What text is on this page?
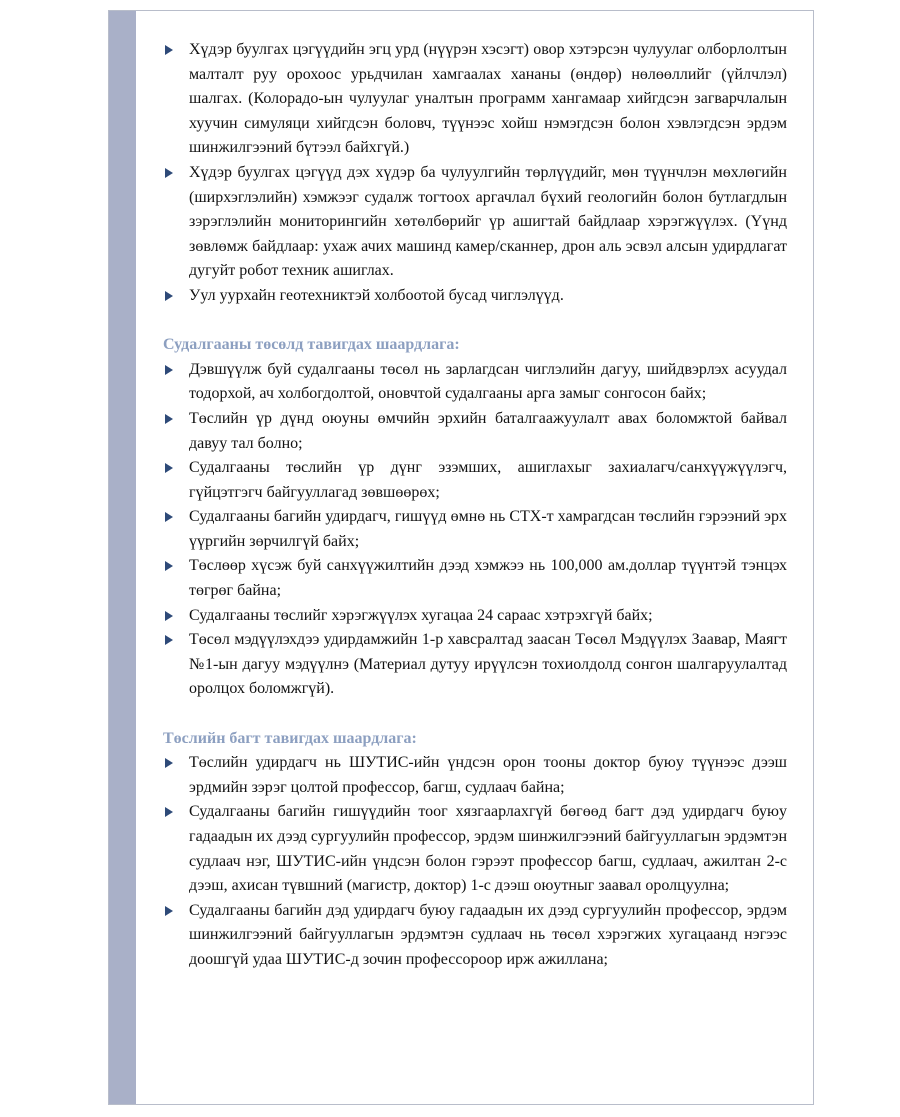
Хүдэр буулгах цэгүүдийн эгц урд (нүүрэн хэсэгт) овор хэтэрсэн чулуулаг олборлолтын малталт руу орохоос урьдчилан хамгаалах хананы (өндөр) нөлөөллийг (үйлчлэл) шалгах. (Колорадо-ын чулуулаг уналтын программ хангамаар хийгдсэн загварчлалын хуучин симуляци хийгдсэн боловч, түүнээс хойш нэмэгдсэн болон хэвлэгдсэн эрдэм шинжилгээний бүтээл байхгүй.)
Хүдэр буулгах цэгүүд дэх хүдэр ба чулуулгийн төрлүүдийг, мөн түүнчлэн мөхлөгийн (ширхэглэлийн) хэмжээг судалж тогтоох аргачлал бүхий геологийн болон бутлагдлын зэрэглэлийн мониторингийн хөтөлбөрийг үр ашигтай байдлаар хэрэгжүүлэх. (Үүнд зөвлөмж байдлаар: ухаж ачих машинд камер/сканнер, дрон аль эсвэл алсын удирдлагат дугуйт робот техник ашиглах.
Уул уурхайн геотехниктэй холбоотой бусад чиглэлүүд.

Судалгааны төсөлд тавигдах шаардлага:

Дэвшүүлж буй судалгааны төсөл нь зарлагдсан чиглэлийн дагуу, шийдвэрлэх асуудал тодорхой, ач холбогдолтой, оновчтой судалгааны арга замыг сонгосон байх;
Төслийн үр дүнд оюуны өмчийн эрхийн баталгаажуулалт авах боломжтой байвал давуу тал болно;
Судалгааны төслийн үр дүнг эзэмших, ашиглахыг захиалагч/санхүүжүүлэгч, гүйцэтгэгч байгууллагад зөвшөөрөх;
Судалгааны багийн удирдагч, гишүүд өмнө нь СТХ-т хамрагдсан төслийн гэрээний эрх үүргийн зөрчилгүй байх;
Төслөөр хүсэж буй санхүүжилтийн дээд хэмжээ нь 100,000 ам.доллар түүнтэй тэнцэх төгрөг байна;
Судалгааны төслийг хэрэгжүүлэх хугацаа 24 сараас хэтрэхгүй байх;
Төсөл мэдүүлэхдээ удирдамжийн 1-р хавсралтад заасан Төсөл Мэдүүлэх Заавар, Маягт №1-ын дагуу мэдүүлнэ (Материал дутуу ирүүлсэн тохиолдолд сонгон шалгаруулалтад оролцох боломжгүй).

Төслийн багт тавигдах шаардлага:

Төслийн удирдагч нь ШУТИС-ийн үндсэн орон тооны доктор буюу түүнээс дээш эрдмийн зэрэг цолтой профессор, багш, судлаач байна;
Судалгааны багийн гишүүдийн тоог хязгаарлахгүй бөгөөд багт дэд удирдагч буюу гадаадын их дээд сургуулийн профессор, эрдэм шинжилгээний байгууллагын эрдэмтэн судлаач нэг, ШУТИС-ийн үндсэн болон гэрээт профессор багш, судлаач, ажилтан 2-с дээш, ахисан түвшний (магистр, доктор) 1-с дээш оюутныг заавал оролцуулна;
Судалгааны багийн дэд удирдагч буюу гадаадын их дээд сургуулийн профессор, эрдэм шинжилгээний байгууллагын эрдэмтэн судлаач нь төсөл хэрэгжих хугацаанд нэгээс доошгүй удаа ШУТИС-д зочин профессороор ирж ажиллана;
